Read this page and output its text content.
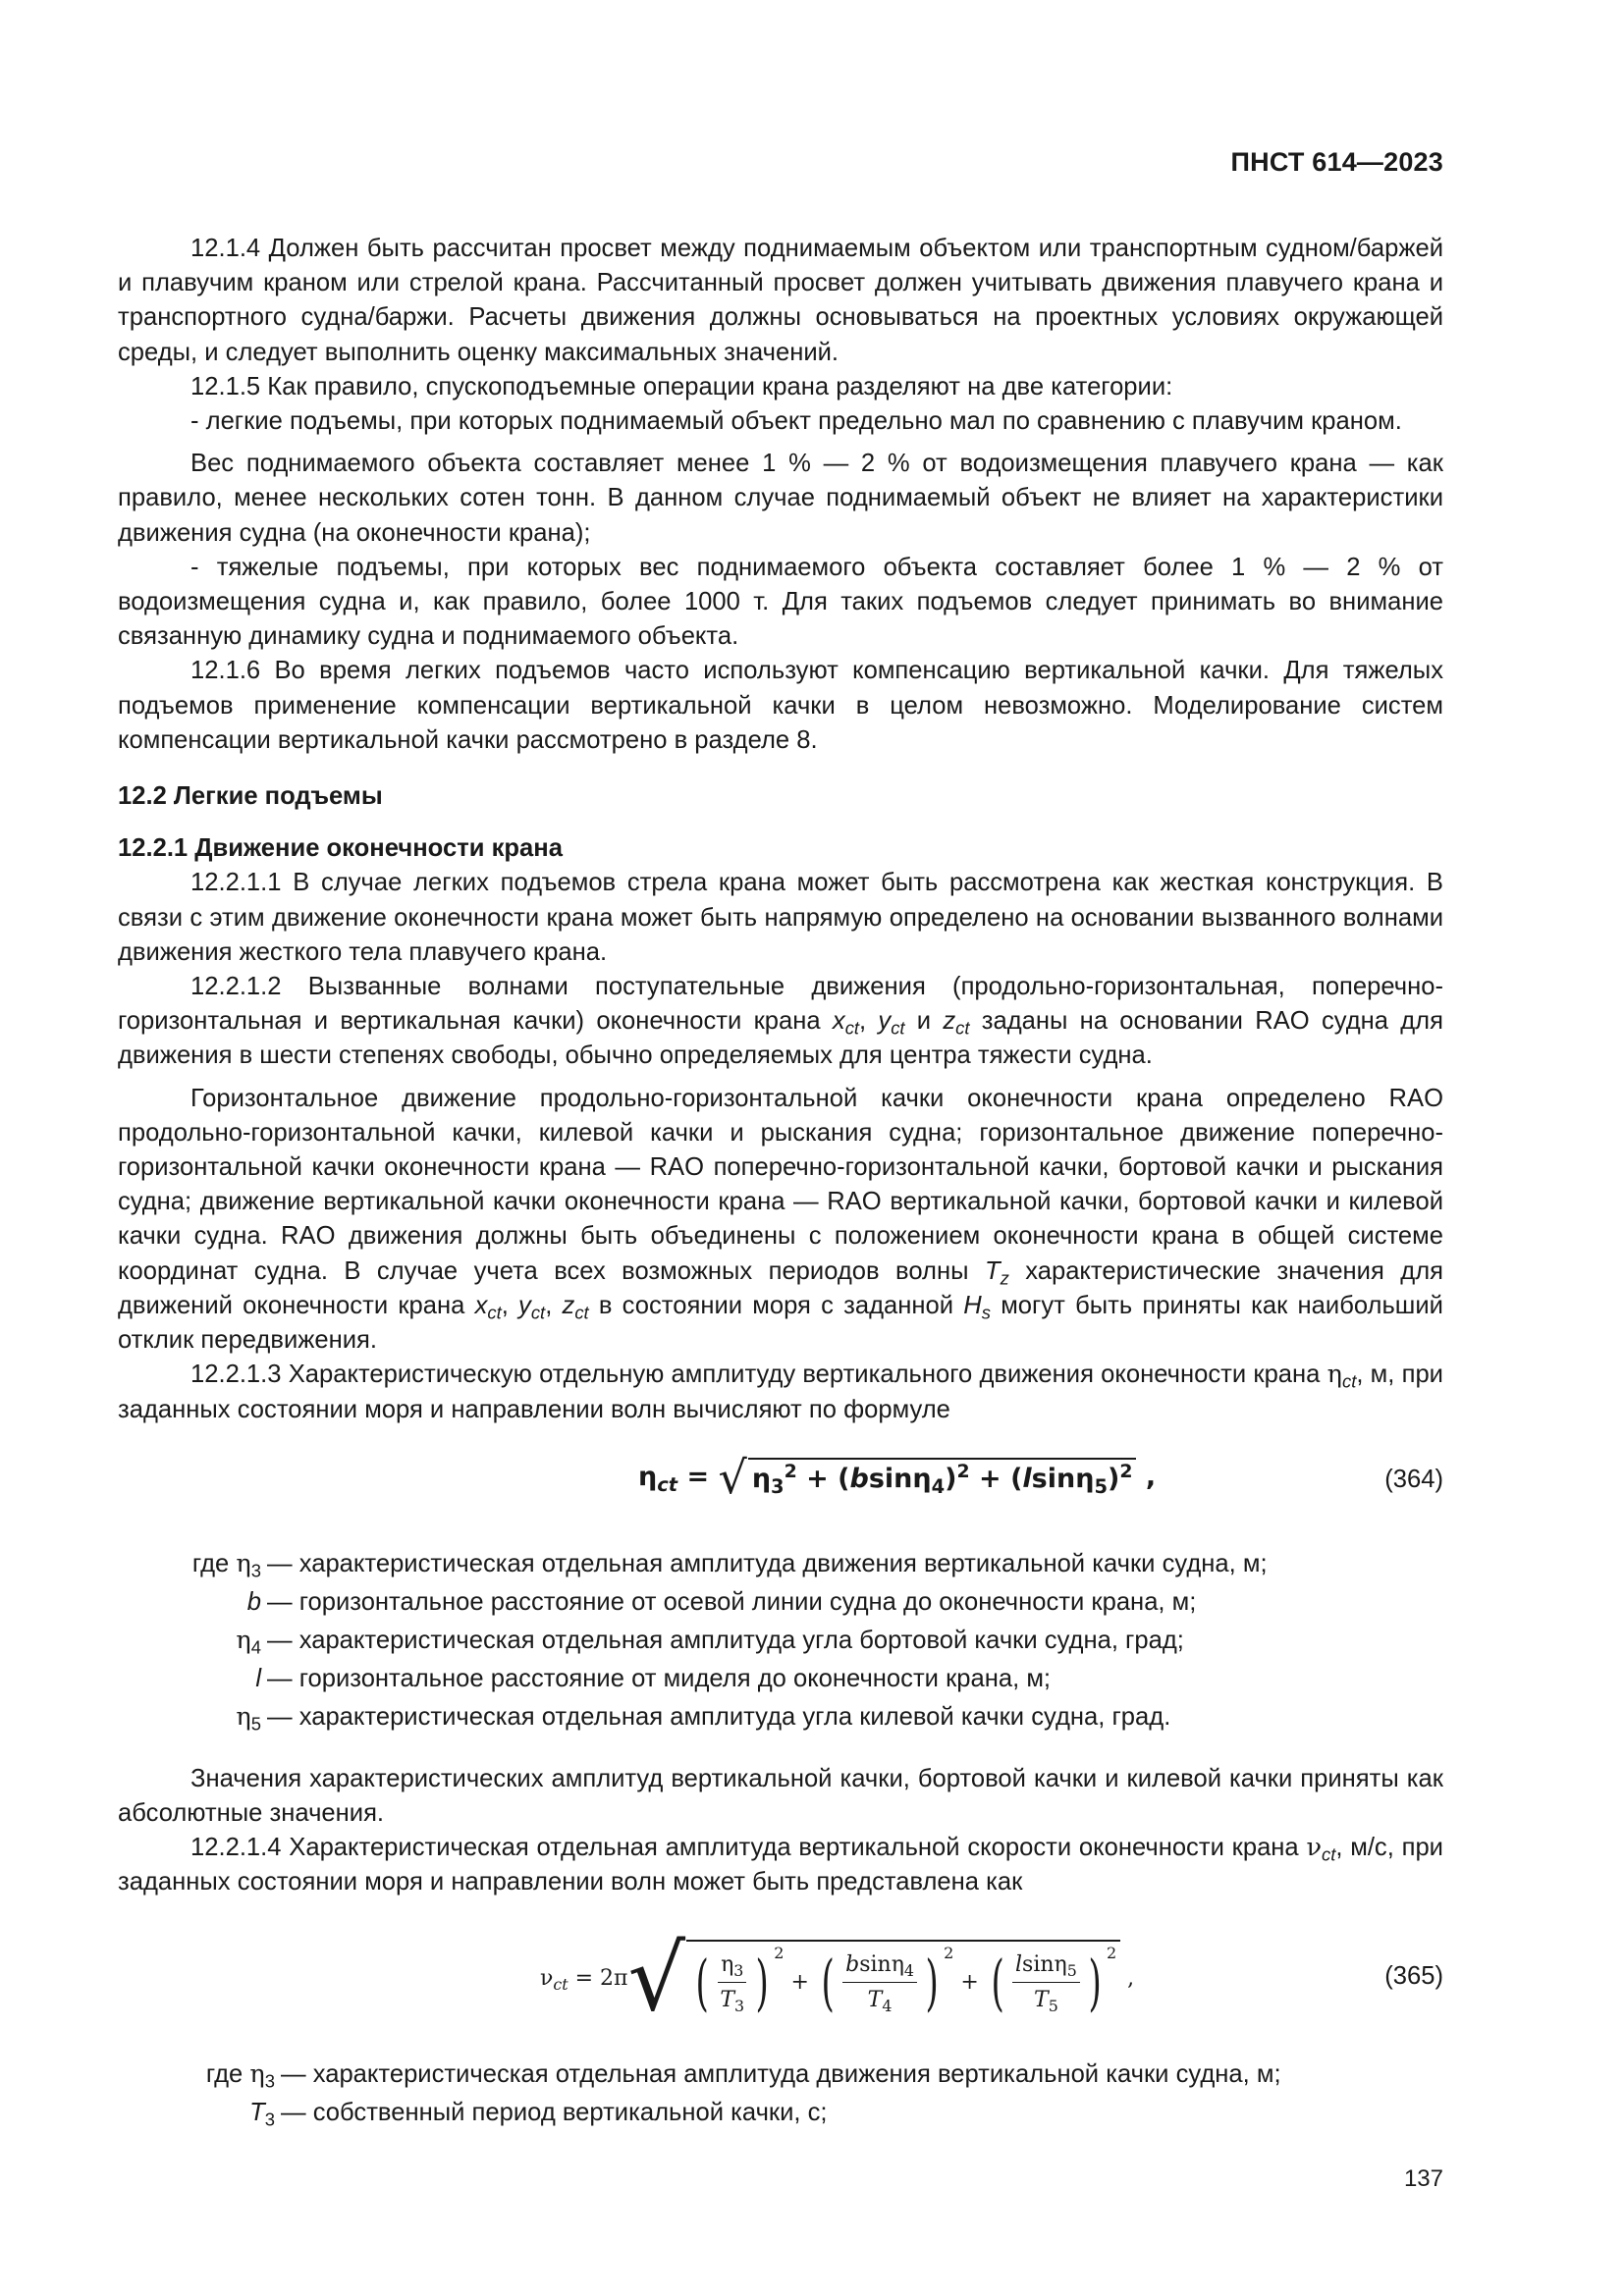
ПНСТ 614—2023

12.1.4 Должен быть рассчитан просвет между поднимаемым объектом или транспортным судном/баржей и плавучим краном или стрелой крана. Рассчитанный просвет должен учитывать движения плавучего крана и транспортного судна/баржи. Расчеты движения должны основываться на проектных условиях окружающей среды, и следует выполнить оценку максимальных значений.

12.1.5 Как правило, спускоподъемные операции крана разделяют на две категории:

- легкие подъемы, при которых поднимаемый объект предельно мал по сравнению с плавучим краном.

Вес поднимаемого объекта составляет менее 1 % — 2 % от водоизмещения плавучего крана — как правило, менее нескольких сотен тонн. В данном случае поднимаемый объект не влияет на характеристики движения судна (на оконечности крана);

- тяжелые подъемы, при которых вес поднимаемого объекта составляет более 1 % — 2 % от водоизмещения судна и, как правило, более 1000 т. Для таких подъемов следует принимать во внимание связанную динамику судна и поднимаемого объекта.

12.1.6 Во время легких подъемов часто используют компенсацию вертикальной качки. Для тяжелых подъемов применение компенсации вертикальной качки в целом невозможно. Моделирование систем компенсации вертикальной качки рассмотрено в разделе 8.

12.2 Легкие подъемы

12.2.1 Движение оконечности крана

12.2.1.1 В случае легких подъемов стрела крана может быть рассмотрена как жесткая конструкция. В связи с этим движение оконечности крана может быть напрямую определено на основании вызванного волнами движения жесткого тела плавучего крана.

12.2.1.2 Вызванные волнами поступательные движения (продольно-горизонтальная, поперечно-горизонтальная и вертикальная качки) оконечности крана $x_{ct}$, $y_{ct}$ и $z_{ct}$ заданы на основании RAO судна для движения в шести степенях свободы, обычно определяемых для центра тяжести судна.

Горизонтальное движение продольно-горизонтальной качки оконечности крана определено RAO продольно-горизонтальной качки, килевой качки и рыскания судна; горизонтальное движение поперечно-горизонтальной качки оконечности крана — RAO поперечно-горизонтальной качки, бортовой качки и рыскания судна; движение вертикальной качки оконечности крана — RAO вертикальной качки, бортовой качки и килевой качки судна. RAO движения должны быть объединены с положением оконечности крана в общей системе координат судна. В случае учета всех возможных периодов волны $T_z$ характеристические значения для движений оконечности крана $x_{ct}$, $y_{ct}$, $z_{ct}$ в состоянии моря с заданной $H_s$ могут быть приняты как наибольший отклик передвижения.

12.2.1.3 Характеристическую отдельную амплитуду вертикального движения оконечности крана $\eta_{ct}$, м, при заданных состоянии моря и направлении волн вычисляют по формуле

$\eta_{ct}$ = √ $\eta_3^2 + (bsin\eta_4)^2 + (lsin\eta_5)^2$ ,	(364)
где $\eta_3$ — характеристическая отдельная амплитуда движения вертикальной качки судна, м;
b — горизонтальное расстояние от осевой линии судна до оконечности крана, м;
$\eta_4$ — характеристическая отдельная амплитуда угла бортовой качки судна, град;
l — горизонтальное расстояние от миделя до оконечности крана, м;
$\eta_5$ — характеристическая отдельная амплитуда угла килевой качки судна, град.

Значения характеристических амплитуд вертикальной качки, бортовой качки и килевой качки приняты как абсолютные значения.

12.2.1.4 Характеристическая отдельная амплитуда вертикальной скорости оконечности крана $\nu_{ct}$, м/с, при заданных состоянии моря и направлении волн может быть представлена как

$\nu_{ct} = 2\pi$ √ ( $\frac{\eta_3}{T_3}$ ) $^2$
+ ( $\frac{bsin\eta_4}{T_4}$ ) $^2$
+ ( $\frac{lsin\eta_5}{T_5}$ ) $^2$
,	(365)
где $\eta_3$ — характеристическая отдельная амплитуда движения вертикальной качки судна, м;
$T_3$ — собственный период вертикальной качки, с;
137
